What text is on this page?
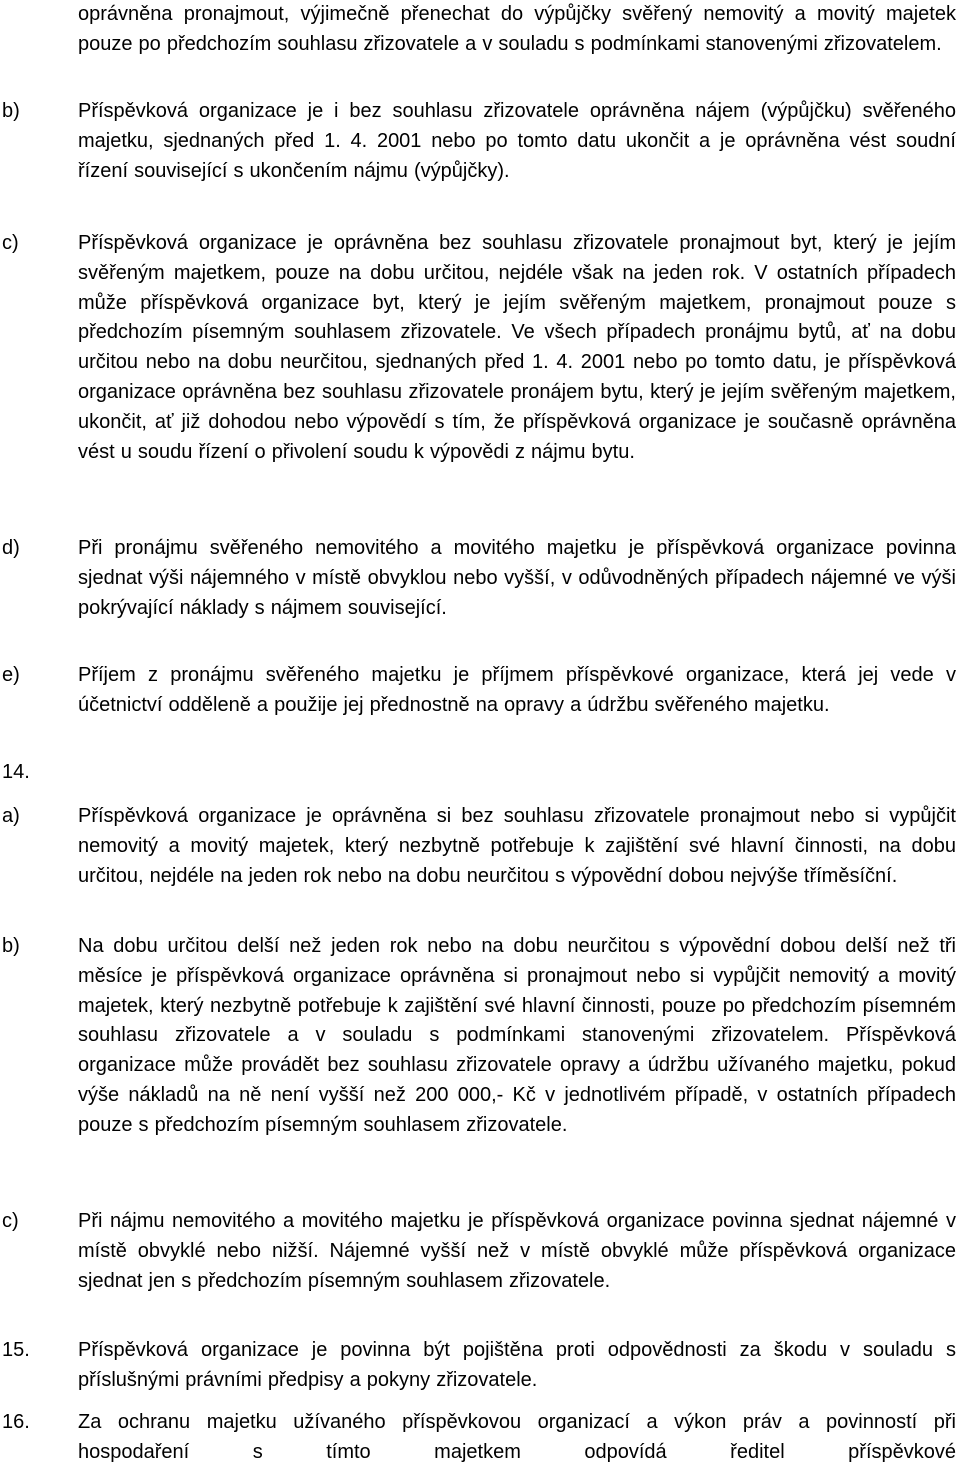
oprávněna pronajmout, výjimečně přenechat do výpůjčky svěřený nemovitý a movitý majetek pouze po předchozím souhlasu zřizovatele a v souladu s podmínkami stanovenými zřizovatelem.

b)	Příspěvková organizace je i bez souhlasu zřizovatele oprávněna nájem (výpůjčku) svěřeného majetku, sjednaných před 1. 4. 2001 nebo po tomto datu ukončit a je oprávněna vést soudní řízení související s ukončením nájmu (výpůjčky).

c)	Příspěvková organizace je oprávněna bez souhlasu zřizovatele pronajmout byt, který je jejím svěřeným majetkem, pouze na dobu určitou, nejdéle však na jeden rok. V ostatních případech může příspěvková organizace byt, který je jejím svěřeným majetkem, pronajmout pouze s předchozím písemným souhlasem zřizovatele. Ve všech případech pronájmu bytů, ať na dobu určitou nebo na dobu neurčitou, sjednaných před 1. 4. 2001 nebo po tomto datu, je příspěvková organizace oprávněna bez souhlasu zřizovatele pronájem bytu, který je jejím svěřeným majetkem, ukončit, ať již dohodou nebo výpovědí s tím, že příspěvková organizace je současně oprávněna vést u soudu řízení o přivolení soudu k výpovědi z nájmu bytu.

d)	Při pronájmu svěřeného nemovitého a movitého majetku je příspěvková organizace povinna sjednat výši nájemného v místě obvyklou nebo vyšší, v odůvodněných případech nájemné ve výši pokrývající náklady s nájmem související.

e)	Příjem z pronájmu svěřeného majetku je příjmem příspěvkové organizace, která jej vede v účetnictví odděleně a použije jej přednostně na opravy a údržbu svěřeného majetku.

14.
a)	Příspěvková organizace je oprávněna si bez souhlasu zřizovatele pronajmout nebo si vypůjčit nemovitý a movitý majetek, který nezbytně potřebuje k zajištění své hlavní činnosti, na dobu určitou, nejdéle na jeden rok nebo na dobu neurčitou s výpovědní dobou nejvýše tříměsíční.

b)	Na dobu určitou delší než jeden rok nebo na dobu neurčitou s výpovědní dobou delší než tři měsíce je příspěvková organizace oprávněna si pronajmout nebo si vypůjčit nemovitý a movitý majetek, který nezbytně potřebuje k zajištění své hlavní činnosti, pouze po předchozím písemném souhlasu zřizovatele a v souladu s podmínkami stanovenými zřizovatelem. Příspěvková organizace může provádět bez souhlasu zřizovatele opravy a údržbu užívaného majetku, pokud výše nákladů na ně není vyšší než 200 000,- Kč v jednotlivém případě, v ostatních případech pouze s předchozím písemným souhlasem zřizovatele.

c)	Při nájmu nemovitého a movitého majetku je příspěvková organizace povinna sjednat nájemné v místě obvyklé nebo nižší. Nájemné vyšší než v místě obvyklé může příspěvková organizace sjednat jen s předchozím písemným souhlasem zřizovatele.

15. Příspěvková organizace je povinna být pojištěna proti odpovědnosti za škodu v souladu s příslušnými právními předpisy a pokyny zřizovatele.

16. Za ochranu majetku užívaného příspěvkovou organizací a výkon práv a povinností při hospodaření s tímto majetkem odpovídá ředitel příspěvkové
